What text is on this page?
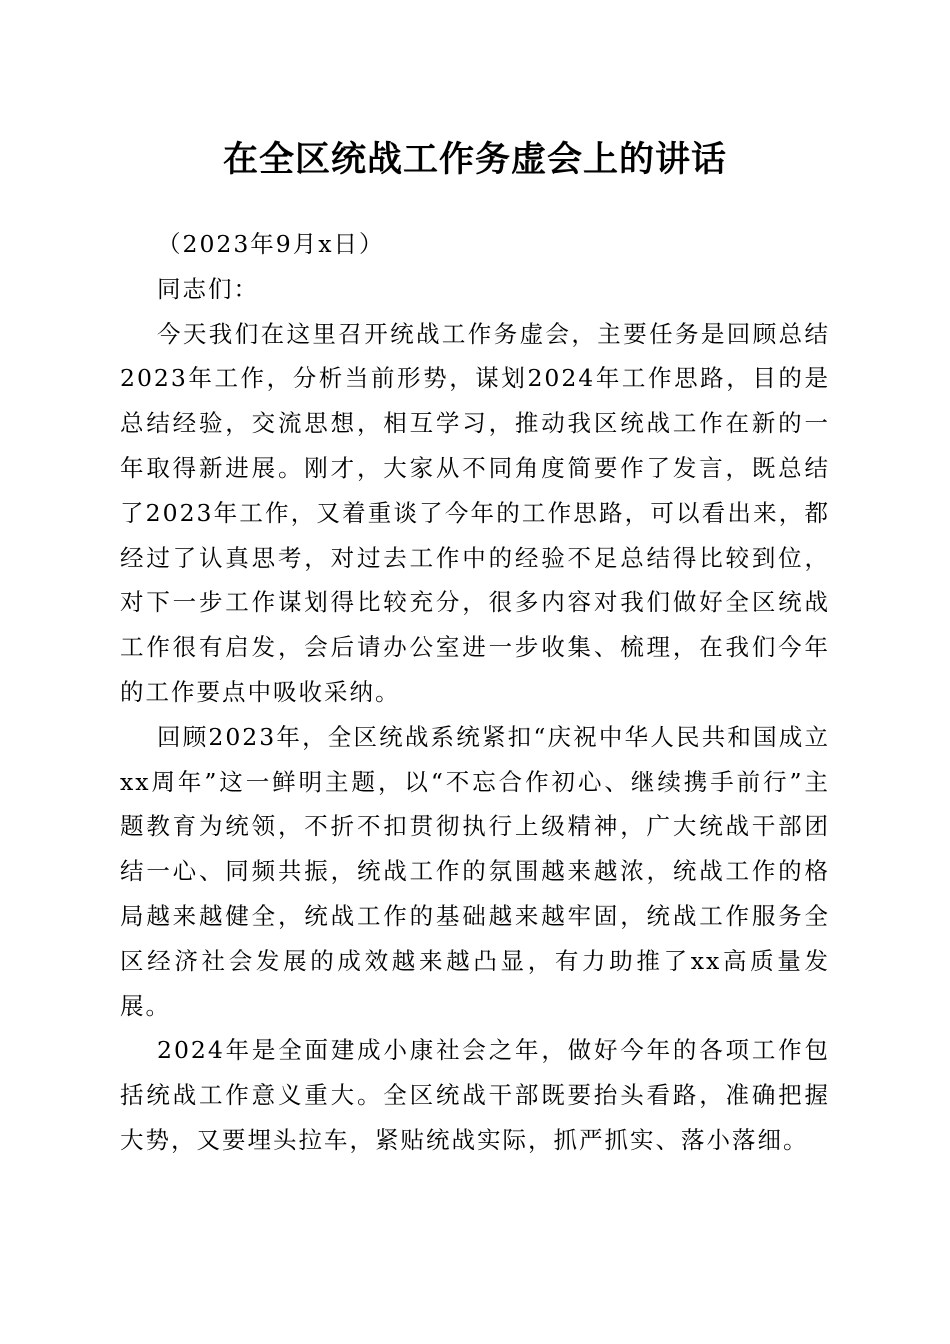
在全区统战工作务虚会上的讲话

（2023年9月x日）

同志们：

今天我们在这里召开统战工作务虚会，主要任务是回顾总结2023年工作，分析当前形势，谋划2024年工作思路，目的是总结经验，交流思想，相互学习，推动我区统战工作在新的一年取得新进展。刚才，大家从不同角度简要作了发言，既总结了2023年工作，又着重谈了今年的工作思路，可以看出来，都经过了认真思考，对过去工作中的经验不足总结得比较到位，对下一步工作谋划得比较充分，很多内容对我们做好全区统战工作很有启发，会后请办公室进一步收集、梳理，在我们今年的工作要点中吸收采纳。

回顾2023年，全区统战系统紧扣“庆祝中华人民共和国成立xx周年”这一鲜明主题，以“不忘合作初心、继续携手前行”主题教育为统领，不折不扣贯彻执行上级精神，广大统战干部团结一心、同频共振，统战工作的氛围越来越浓，统战工作的格局越来越健全，统战工作的基础越来越牢固，统战工作服务全区经济社会发展的成效越来越凸显，有力助推了xx高质量发展。

2024年是全面建成小康社会之年，做好今年的各项工作包括统战工作意义重大。全区统战干部既要抬头看路，准确把握大势，又要埋头拉车，紧贴统战实际，抓严抓实、落小落细。
